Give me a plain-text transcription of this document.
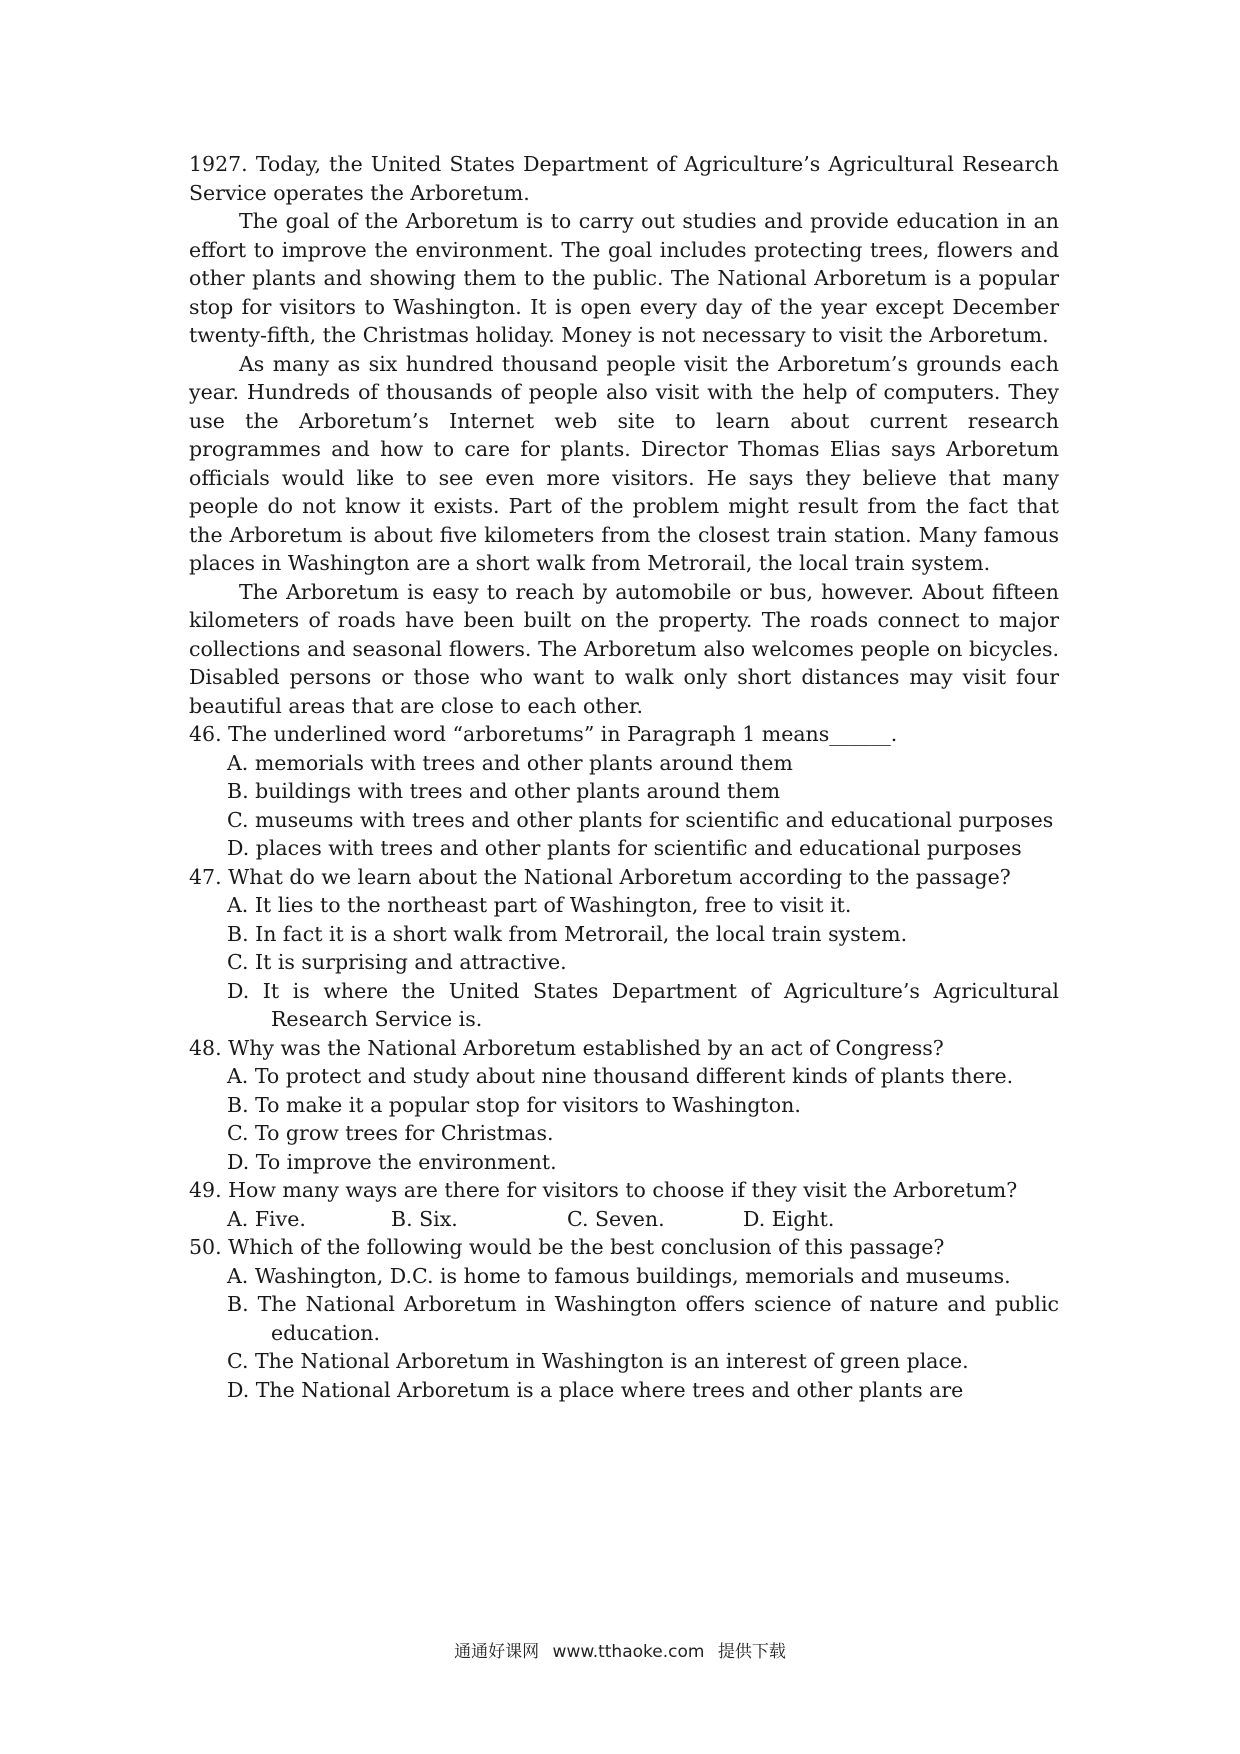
1927. Today, the United States Department of Agriculture’s Agricultural Research Service operates the Arboretum.

The goal of the Arboretum is to carry out studies and provide education in an effort to improve the environment. The goal includes protecting trees, flowers and other plants and showing them to the public. The National Arboretum is a popular stop for visitors to Washington. It is open every day of the year except December twenty-fifth, the Christmas holiday. Money is not necessary to visit the Arboretum.

As many as six hundred thousand people visit the Arboretum’s grounds each year. Hundreds of thousands of people also visit with the help of computers. They use the Arboretum’s Internet web site to learn about current research programmes and how to care for plants. Director Thomas Elias says Arboretum officials would like to see even more visitors. He says they believe that many people do not know it exists. Part of the problem might result from the fact that the Arboretum is about five kilometers from the closest train station. Many famous places in Washington are a short walk from Metrorail, the local train system.

The Arboretum is easy to reach by automobile or bus, however. About fifteen kilometers of roads have been built on the property. The roads connect to major collections and seasonal flowers. The Arboretum also welcomes people on bicycles. Disabled persons or those who want to walk only short distances may visit four beautiful areas that are close to each other.

46. The underlined word “arboretums” in Paragraph 1 means______.

A. memorials with trees and other plants around them

B. buildings with trees and other plants around them

C. museums with trees and other plants for scientific and educational purposes

D. places with trees and other plants for scientific and educational purposes

47. What do we learn about the National Arboretum according to the passage?

A. It lies to the northeast part of Washington, free to visit it.

B. In fact it is a short walk from Metrorail, the local train system.

C. It is surprising and attractive.

D. It is where the United States Department of Agriculture’s Agricultural Research Service is.

48. Why was the National Arboretum established by an act of Congress?

A. To protect and study about nine thousand different kinds of plants there.

B. To make it a popular stop for visitors to Washington.

C. To grow trees for Christmas.

D. To improve the environment.

49. How many ways are there for visitors to choose if they visit the Arboretum?

A. Five.	B. Six.	C. Seven.	D. Eight.

50. Which of the following would be the best conclusion of this passage?

A. Washington, D.C. is home to famous buildings, memorials and museums.

B. The National Arboretum in Washington offers science of nature and public education.

C. The National Arboretum in Washington is an interest of green place.

D. The National Arboretum is a place where trees and other plants are

通通好课网 www.tthaoke.com 提供下载
